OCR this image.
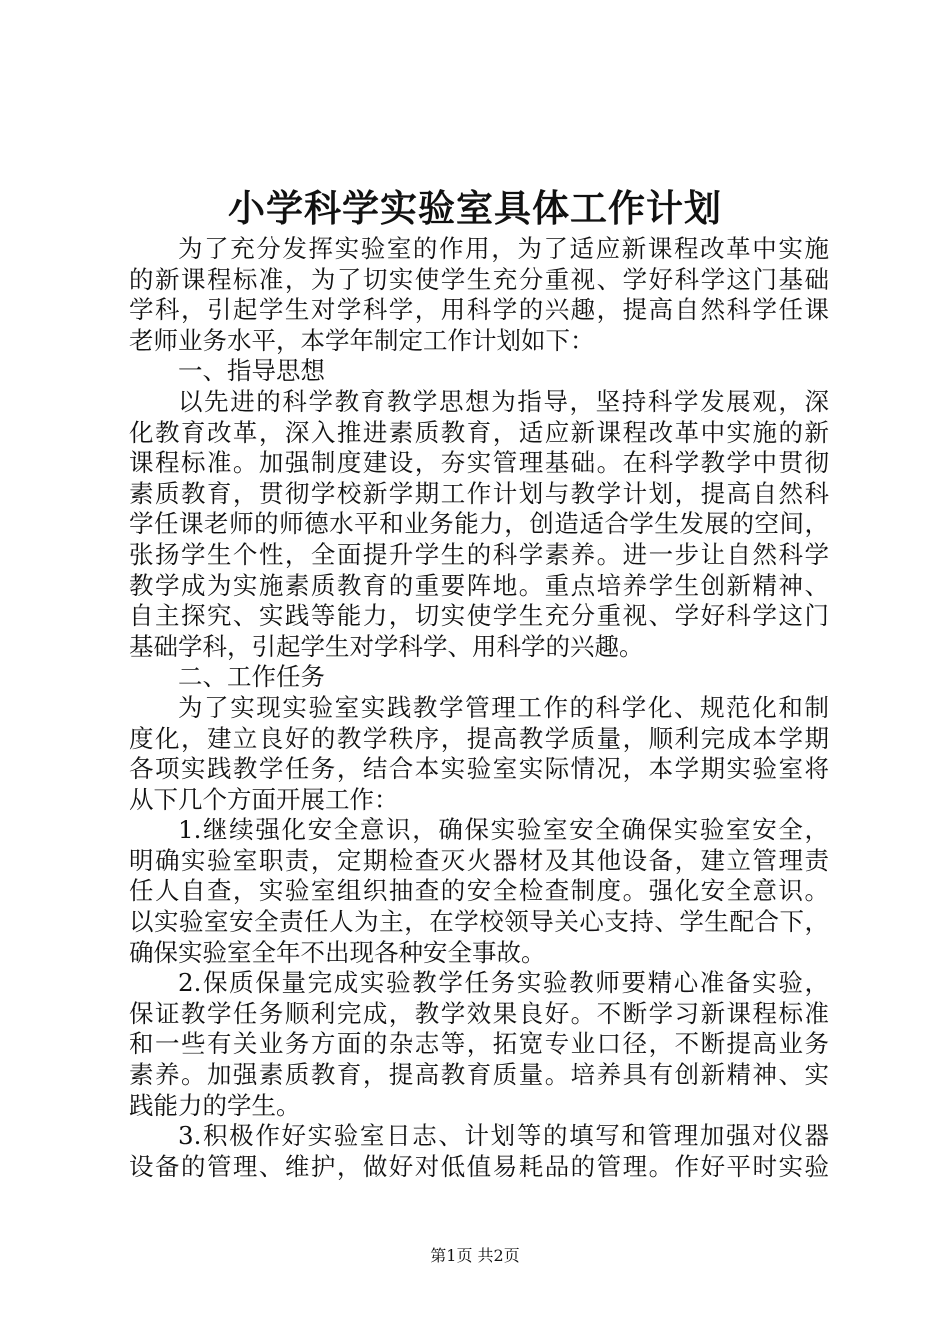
小学科学实验室具体工作计划
为了充分发挥实验室的作用，为了适应新课程改革中实施
的新课程标准，为了切实使学生充分重视、学好科学这门基础
学科，引起学生对学科学，用科学的兴趣，提高自然科学任课
老师业务水平，本学年制定工作计划如下：
一、指导思想
以先进的科学教育教学思想为指导，坚持科学发展观，深
化教育改革，深入推进素质教育，适应新课程改革中实施的新
课程标准。加强制度建设，夯实管理基础。在科学教学中贯彻
素质教育，贯彻学校新学期工作计划与教学计划，提高自然科
学任课老师的师德水平和业务能力，创造适合学生发展的空间，
张扬学生个性，全面提升学生的科学素养。进一步让自然科学
教学成为实施素质教育的重要阵地。重点培养学生创新精神、
自主探究、实践等能力，切实使学生充分重视、学好科学这门
基础学科，引起学生对学科学、用科学的兴趣。
二、工作任务
为了实现实验室实践教学管理工作的科学化、规范化和制
度化，建立良好的教学秩序，提高教学质量，顺利完成本学期
各项实践教学任务，结合本实验室实际情况，本学期实验室将
从下几个方面开展工作：
1.继续强化安全意识，确保实验室安全确保实验室安全，
明确实验室职责，定期检查灭火器材及其他设备，建立管理责
任人自查，实验室组织抽查的安全检查制度。强化安全意识。
以实验室安全责任人为主，在学校领导关心支持、学生配合下，
确保实验室全年不出现各种安全事故。
2.保质保量完成实验教学任务实验教师要精心准备实验，
保证教学任务顺利完成，教学效果良好。不断学习新课程标准
和一些有关业务方面的杂志等，拓宽专业口径，不断提高业务
素养。加强素质教育，提高教育质量。培养具有创新精神、实
践能力的学生。
3.积极作好实验室日志、计划等的填写和管理加强对仪器
设备的管理、维护，做好对低值易耗品的管理。作好平时实验
第1页 共2页
